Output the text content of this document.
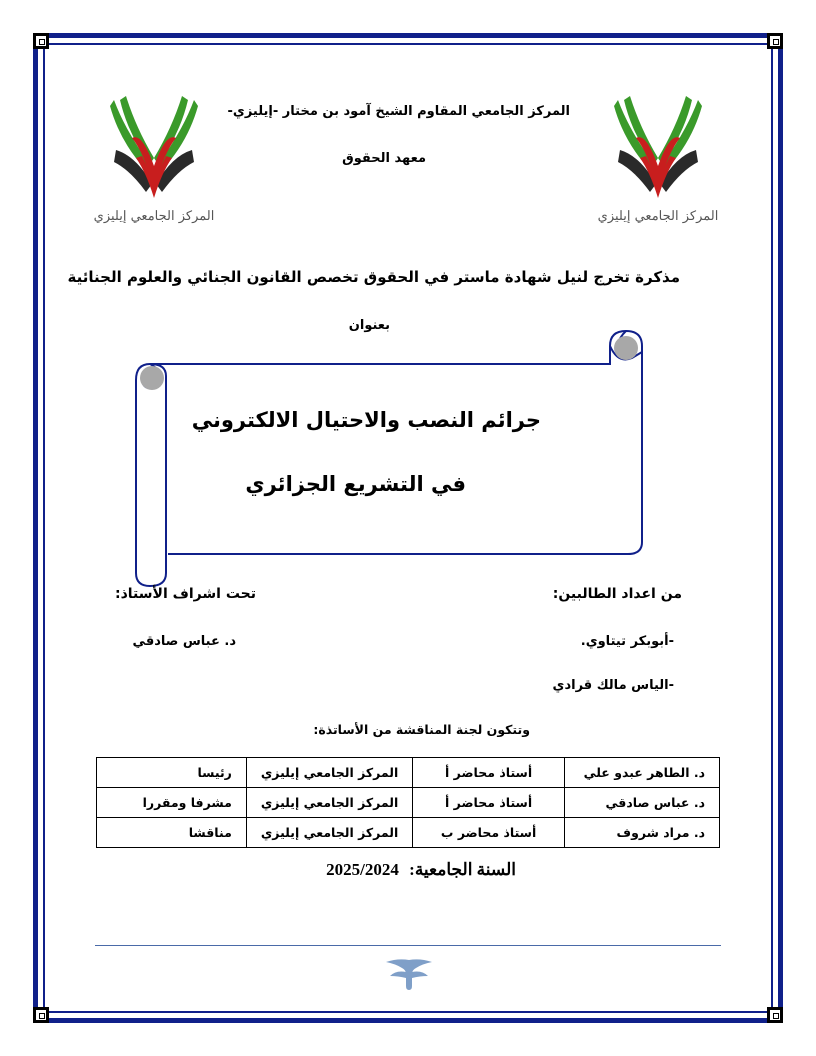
المركز الجامعي إيليزي	المركز الجامعي إيليزي
المركز الجامعي المقاوم الشيخ آمود بن مختار -إيليزي-
معهد الحقوق
مذكرة تخرج لنيل شهادة ماستر في الحقوق تخصص القانون الجنائي والعلوم الجنائية
بعنوان
جرائم النصب والاحتيال الالكتروني
في التشريع الجزائري
من اعداد الطالبين:
تحت اشراف الأستاذ:
-أبوبكر تيتاوي.
د. عباس صادقي
-الياس مالك قرادي
وتتكون لجنة المناقشة من الأساتذة:
د. الطاهر عبدو علي	أستاذ محاضر أ	المركز الجامعي إيليزي	رئيسا
د. عباس صادقي	أستاذ محاضر أ	المركز الجامعي إيليزي	مشرفا ومقررا
د. مراد شروف	أستاذ محاضر ب	المركز الجامعي إيليزي	مناقشا
السنة الجامعية: 2025/2024
